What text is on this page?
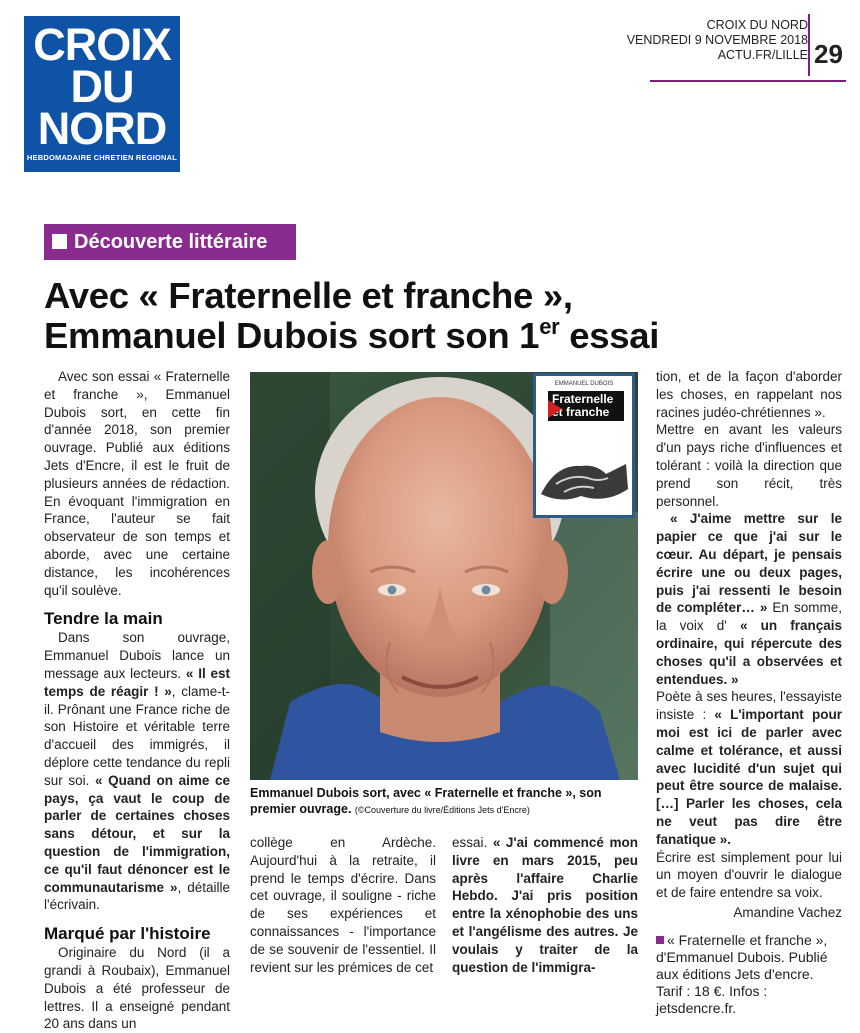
CROIX
DU
NORD
HEBDOMADAIRE CHRETIEN REGIONAL
CROIX DU NORD
VENDREDI 9 NOVEMBRE 2018
ACTU.FR/LILLE 29
Découverte littéraire
Avec « Fraternelle et franche »,
Emmanuel Dubois sort son 1er essai

Avec son essai « Fraternelle et franche », Emmanuel Dubois sort, en cette fin d'année 2018, son premier ouvrage. Publié aux éditions Jets d'Encre, il est le fruit de plusieurs années de rédaction. En évoquant l'immigration en France, l'auteur se fait observateur de son temps et aborde, avec une certaine distance, les incohérences qu'il soulève.

Tendre la main

Dans son ouvrage, Emmanuel Dubois lance un message aux lecteurs. « Il est temps de réagir ! », clame-t-il. Prônant une France riche de son Histoire et véritable terre d'accueil des immigrés, il déplore cette tendance du repli sur soi. « Quand on aime ce pays, ça vaut le coup de parler de certaines choses sans détour, et sur la question de l'immigration, ce qu'il faut dénoncer est le communautarisme », détaille l'écrivain.

Marqué par l'histoire

Originaire du Nord (il a grandi à Roubaix), Emmanuel Dubois a été professeur de lettres. Il a enseigné pendant 20 ans dans un

EMMANUEL DUBOIS
Fraternelle
et franche
Emmanuel Dubois sort, avec « Fraternelle et franche », son premier ouvrage. (©Couverture du livre/Éditions Jets d'Encre)

collège en Ardèche. Aujourd'hui à la retraite, il prend le temps d'écrire. Dans cet ouvrage, il souligne - riche de ses expériences et connaissances - l'importance de se souvenir de l'essentiel. Il revient sur les prémices de cet

essai. « J'ai commencé mon livre en mars 2015, peu après l'affaire Charlie Hebdo. J'ai pris position entre la xénophobie des uns et l'angélisme des autres. Je voulais y traiter de la question de l'immigra-

tion, et de la façon d'aborder les choses, en rappelant nos racines judéo-chrétiennes ».

Mettre en avant les valeurs d'un pays riche d'influences et tolérant : voilà la direction que prend son récit, très personnel.

« J'aime mettre sur le papier ce que j'ai sur le cœur. Au départ, je pensais écrire une ou deux pages, puis j'ai ressenti le besoin de compléter… » En somme, la voix d' « un français ordinaire, qui répercute des choses qu'il a observées et entendues. »

Poète à ses heures, l'essayiste insiste : « L'important pour moi est ici de parler avec calme et tolérance, et aussi avec lucidité d'un sujet qui peut être source de malaise. […] Parler les choses, cela ne veut pas dire être fanatique ».

Écrire est simplement pour lui un moyen d'ouvrir le dialogue et de faire entendre sa voix.

Amandine Vachez

« Fraternelle et franche », d'Emmanuel Dubois. Publié aux éditions Jets d'encre. Tarif : 18 €. Infos : jetsdencre.fr.
